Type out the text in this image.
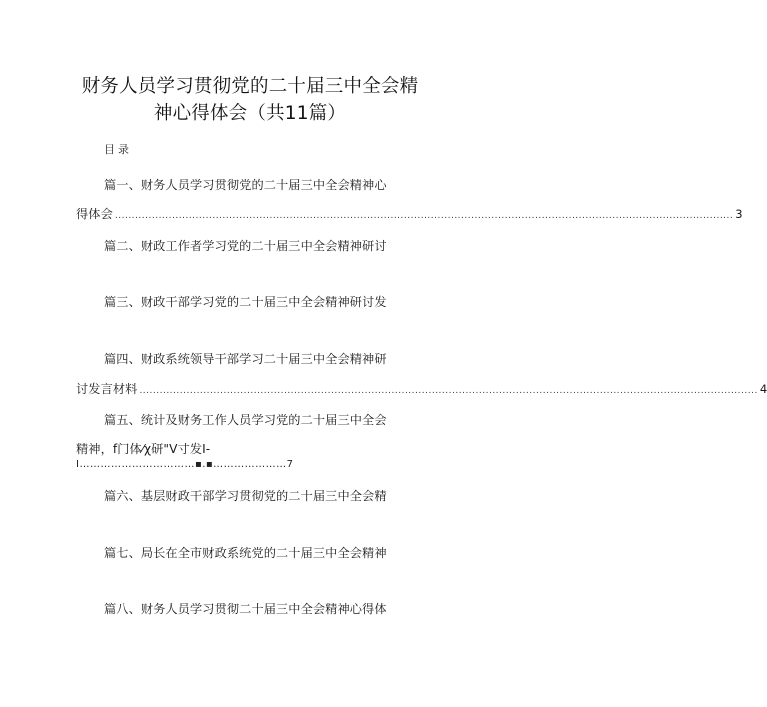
财务人员学习贯彻党的二十届三中全会精
神心得体会（共11篇）
目录
篇一、财务人员学习贯彻党的二十届三中全会精神心
得体会 ........................................................................................................................................................................................ 3
篇二、财政工作者学习党的二十届三中全会精神研讨
篇三、财政干部学习党的二十届三中全会精神研讨发
篇四、财政系统领导干部学习二十届三中全会精神研
讨发言材料 ........................................................................................................................................................................................ 4
篇五、统计及财务工作人员学习党的二十届三中全会
精神，f门体⁄χ研"V寸发I-
I……………………………▪.▪…………………7
篇六、基层财政干部学习贯彻党的二十届三中全会精
篇七、局长在全市财政系统党的二十届三中全会精神
篇八、财务人员学习贯彻二十届三中全会精神心得体
